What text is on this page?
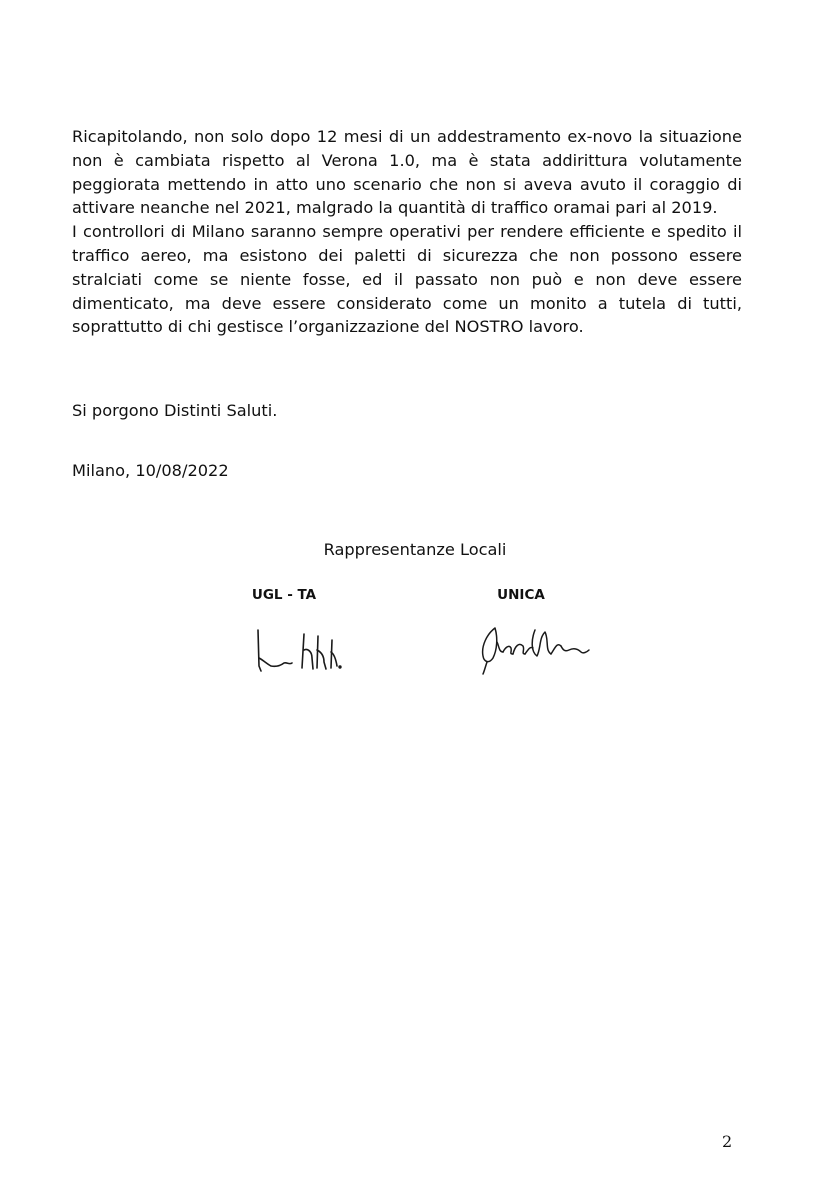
Ricapitolando, non solo dopo 12 mesi di un addestramento ex-novo la situazione non è cambiata rispetto al Verona 1.0, ma è stata addirittura volutamente peggiorata mettendo in atto uno scenario che non si aveva avuto il coraggio di attivare neanche nel 2021, malgrado la quantità di traffico oramai pari al 2019.

I controllori di Milano saranno sempre operativi per rendere efficiente e spedito il traffico aereo, ma esistono dei paletti di sicurezza che non possono essere stralciati come se niente fosse, ed il passato non può e non deve essere dimenticato, ma deve essere considerato come un monito a tutela di tutti, soprattutto di chi gestisce l’organizzazione del NOSTRO lavoro.

Si porgono Distinti Saluti.
Milano, 10/08/2022
Rappresentanze Locali
UGL - TA	UNICA
2
